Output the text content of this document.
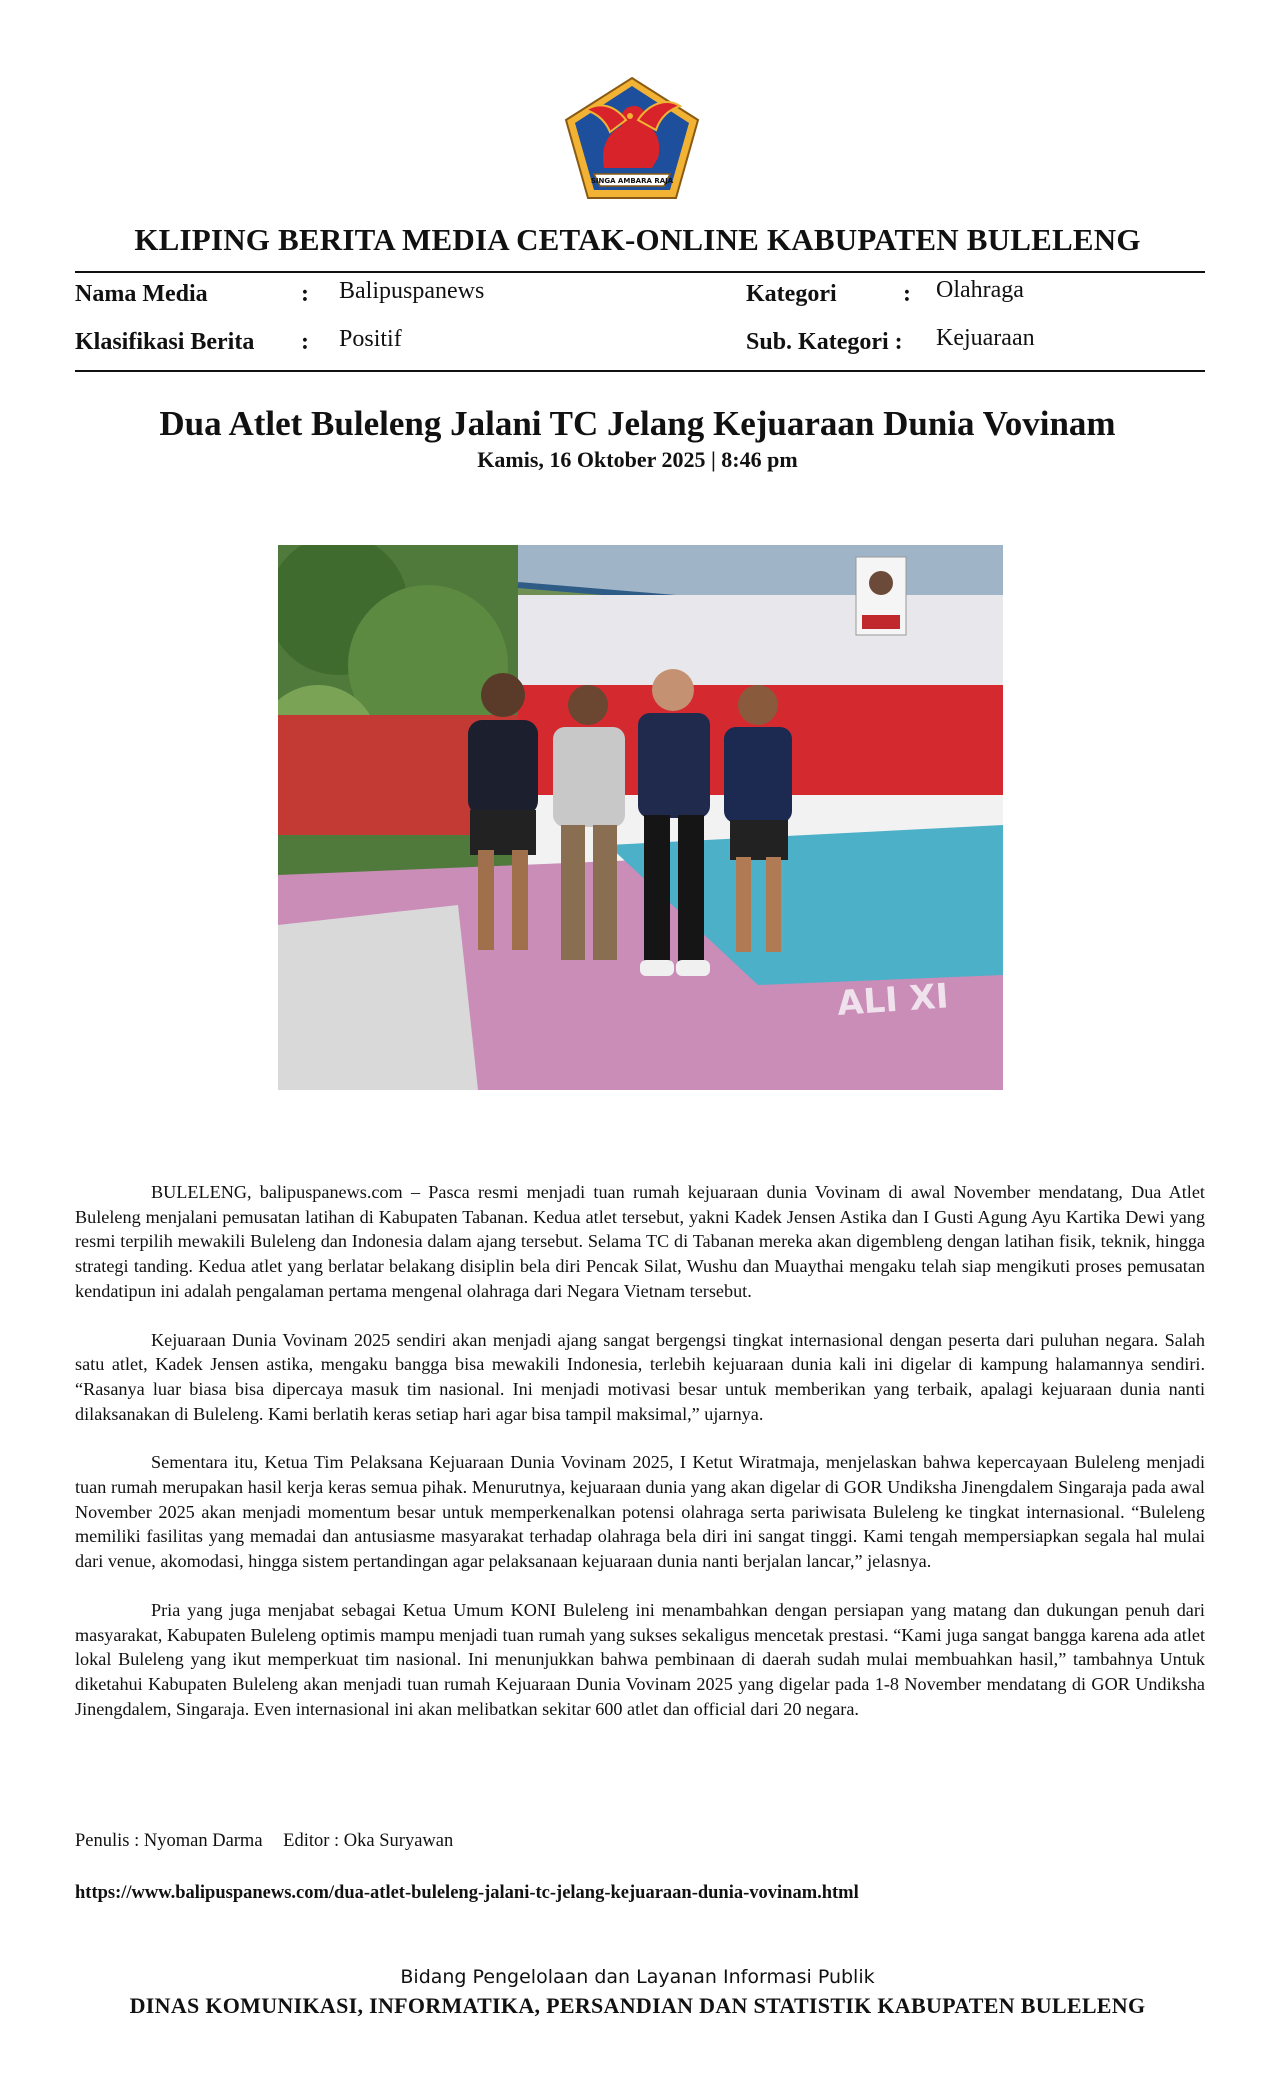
SINGA AMBARA RAJA
KLIPING BERITA MEDIA CETAK-ONLINE KABUPATEN BULELENG
Nama Media	: Balipuspanews
Klasifikasi Berita : Positif
Kategori	: Olahraga
Sub. Kategori : Kejuaraan
Dua Atlet Buleleng Jalani TC Jelang Kejuaraan Dunia Vovinam
Kamis, 16 Oktober 2025 | 8:46 pm
ALI XI

BULELENG, balipuspanews.com – Pasca resmi menjadi tuan rumah kejuaraan dunia Vovinam di awal November mendatang, Dua Atlet Buleleng menjalani pemusatan latihan di Kabupaten Tabanan. Kedua atlet tersebut, yakni Kadek Jensen Astika dan I Gusti Agung Ayu Kartika Dewi yang resmi terpilih mewakili Buleleng dan Indonesia dalam ajang tersebut. Selama TC di Tabanan mereka akan digembleng dengan latihan fisik, teknik, hingga strategi tanding. Kedua atlet yang berlatar belakang disiplin bela diri Pencak Silat, Wushu dan Muaythai mengaku telah siap mengikuti proses pemusatan kendatipun ini adalah pengalaman pertama mengenal olahraga dari Negara Vietnam tersebut.

Kejuaraan Dunia Vovinam 2025 sendiri akan menjadi ajang sangat bergengsi tingkat internasional dengan peserta dari puluhan negara. Salah satu atlet, Kadek Jensen astika, mengaku bangga bisa mewakili Indonesia, terlebih kejuaraan dunia kali ini digelar di kampung halamannya sendiri. “Rasanya luar biasa bisa dipercaya masuk tim nasional. Ini menjadi motivasi besar untuk memberikan yang terbaik, apalagi kejuaraan dunia nanti dilaksanakan di Buleleng. Kami berlatih keras setiap hari agar bisa tampil maksimal,” ujarnya.

Sementara itu, Ketua Tim Pelaksana Kejuaraan Dunia Vovinam 2025, I Ketut Wiratmaja, menjelaskan bahwa kepercayaan Buleleng menjadi tuan rumah merupakan hasil kerja keras semua pihak. Menurutnya, kejuaraan dunia yang akan digelar di GOR Undiksha Jinengdalem Singaraja pada awal November 2025 akan menjadi momentum besar untuk memperkenalkan potensi olahraga serta pariwisata Buleleng ke tingkat internasional. “Buleleng memiliki fasilitas yang memadai dan antusiasme masyarakat terhadap olahraga bela diri ini sangat tinggi. Kami tengah mempersiapkan segala hal mulai dari venue, akomodasi, hingga sistem pertandingan agar pelaksanaan kejuaraan dunia nanti berjalan lancar,” jelasnya.

Pria yang juga menjabat sebagai Ketua Umum KONI Buleleng ini menambahkan dengan persiapan yang matang dan dukungan penuh dari masyarakat, Kabupaten Buleleng optimis mampu menjadi tuan rumah yang sukses sekaligus mencetak prestasi. “Kami juga sangat bangga karena ada atlet lokal Buleleng yang ikut memperkuat tim nasional. Ini menunjukkan bahwa pembinaan di daerah sudah mulai membuahkan hasil,” tambahnya Untuk diketahui Kabupaten Buleleng akan menjadi tuan rumah Kejuaraan Dunia Vovinam 2025 yang digelar pada 1-8 November mendatang di GOR Undiksha Jinengdalem, Singaraja. Even internasional ini akan melibatkan sekitar 600 atlet dan official dari 20 negara.

Penulis : Nyoman Darma Editor : Oka Suryawan
https://www.balipuspanews.com/dua-atlet-buleleng-jalani-tc-jelang-kejuaraan-dunia-vovinam.html
Bidang Pengelolaan dan Layanan Informasi Publik
DINAS KOMUNIKASI, INFORMATIKA, PERSANDIAN DAN STATISTIK KABUPATEN BULELENG
